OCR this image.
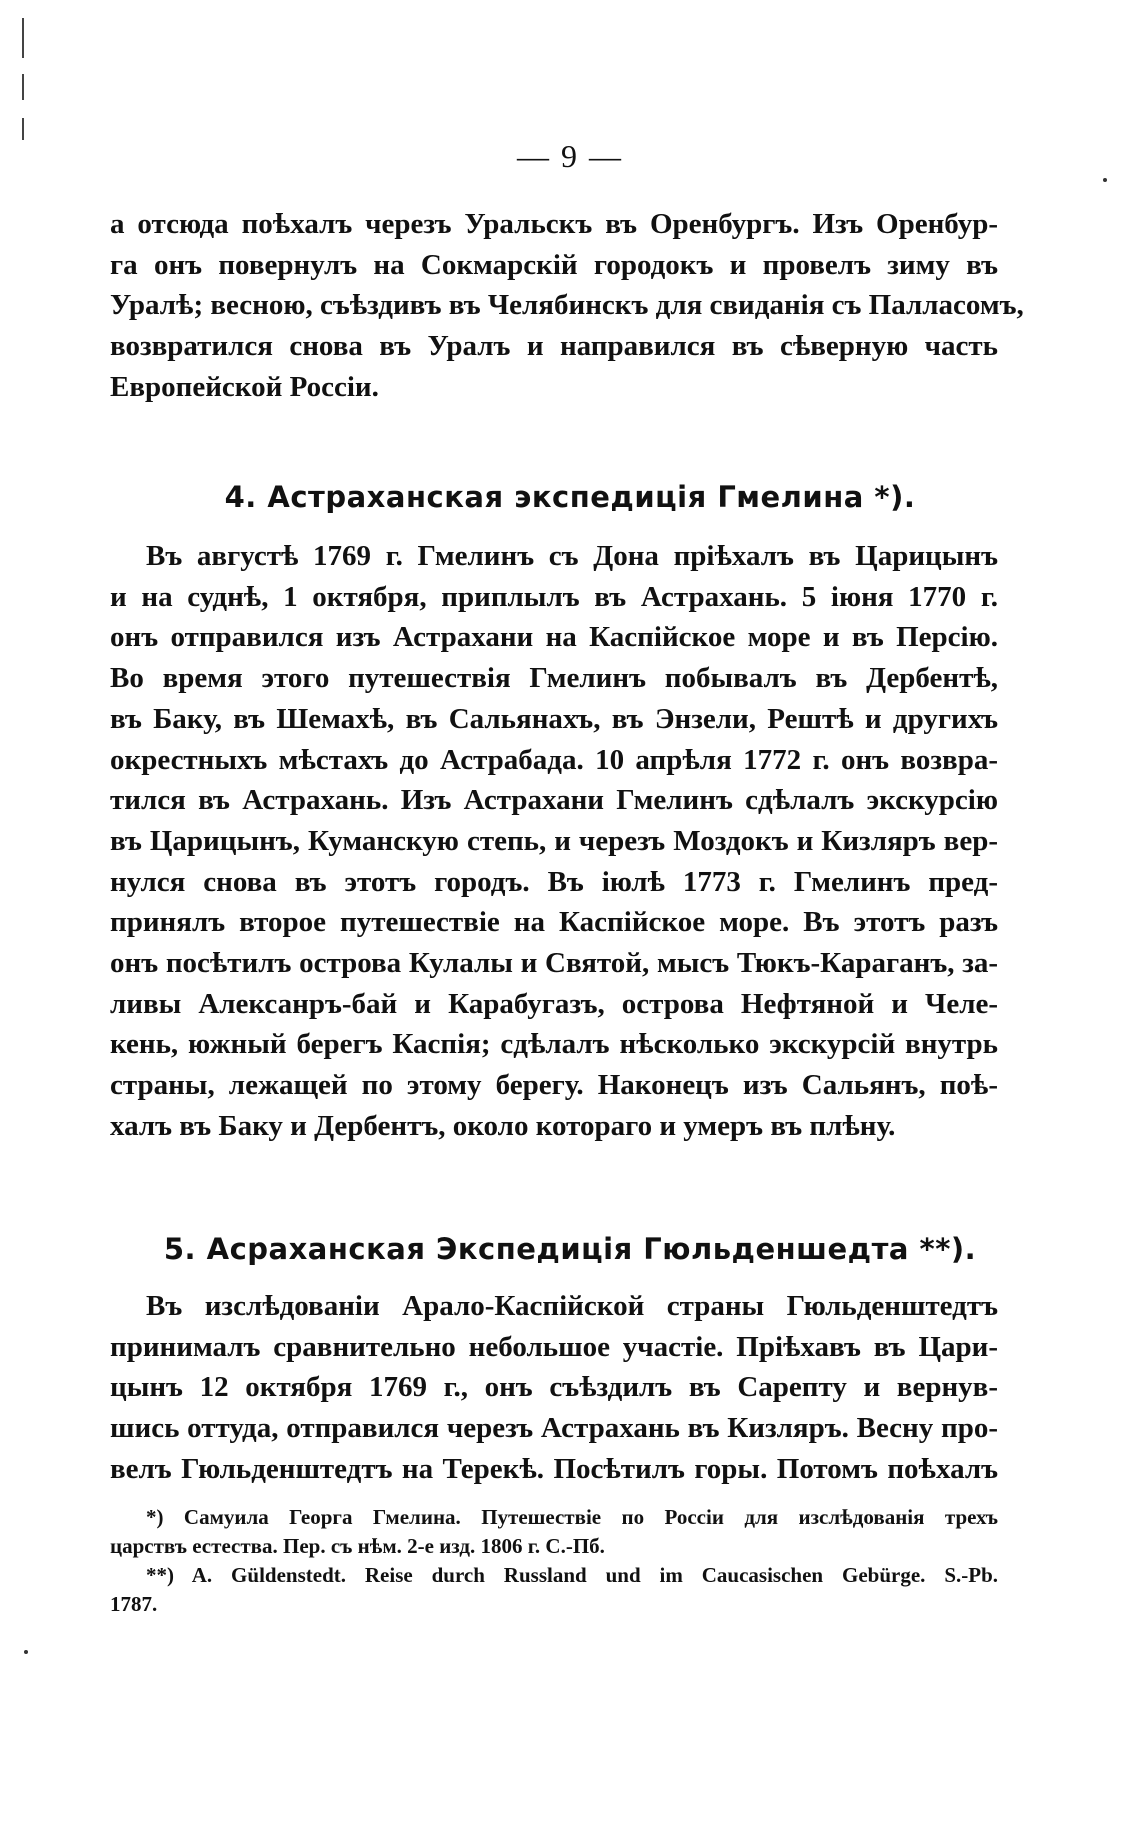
— 9 —
а отсюда поѣхалъ черезъ Уральскъ въ Оренбургъ. Изъ Оренбур-
га онъ повернулъ на Сокмарскій городокъ и провелъ зиму въ
Уралѣ; весною, съѣздивъ въ Челябинскъ для свиданія съ Палласомъ,
возвратился снова въ Уралъ и направился въ сѣверную часть
Европейской Россіи.
4. Астраханская экспедиція Гмелина *).
Въ августѣ 1769 г. Гмелинъ съ Дона пріѣхалъ въ Царицынъ
и на суднѣ, 1 октября, приплылъ въ Астрахань. 5 іюня 1770 г.
онъ отправился изъ Астрахани на Каспійское море и въ Персію.
Во время этого путешествія Гмелинъ побывалъ въ Дербентѣ,
въ Баку, въ Шемахѣ, въ Сальянахъ, въ Энзели, Рештѣ и другихъ
окрестныхъ мѣстахъ до Астрабада. 10 апрѣля 1772 г. онъ возвра-
тился въ Астрахань. Изъ Астрахани Гмелинъ сдѣлалъ экскурсію
въ Царицынъ, Куманскую степь, и черезъ Моздокъ и Кизляръ вер-
нулся снова въ этотъ городъ. Въ іюлѣ 1773 г. Гмелинъ пред-
принялъ второе путешествіе на Каспійское море. Въ этотъ разъ
онъ посѣтилъ острова Кулалы и Святой, мысъ Тюкъ-Караганъ, за-
ливы Алексанръ-бай и Карабугазъ, острова Нефтяной и Челе-
кень, южный берегъ Каспія; сдѣлалъ нѣсколько экскурсій внутрь
страны, лежащей по этому берегу. Наконецъ изъ Сальянъ, поѣ-
халъ въ Баку и Дербентъ, около котораго и умеръ въ плѣну.
5. Асраханская Экспедиція Гюльденшедта **).
Въ изслѣдованіи Арало-Каспійской страны Гюльденштедтъ
принималъ сравнительно небольшое участіе. Пріѣхавъ въ Цари-
цынъ 12 октября 1769 г., онъ съѣздилъ въ Сарепту и вернув-
шись оттуда, отправился черезъ Астрахань въ Кизляръ. Весну про-
велъ Гюльденштедтъ на Терекѣ. Посѣтилъ горы. Потомъ поѣхалъ
*) Самуила Георга Гмелина. Путешествіе по Россіи для изслѣдованія трехъ
царствъ естества. Пер. съ нѣм. 2-е изд. 1806 г. С.-Пб.
**) A. Güldenstedt. Reise durch Russland und im Caucasischen Gebürge. S.-Pb.
1787.
